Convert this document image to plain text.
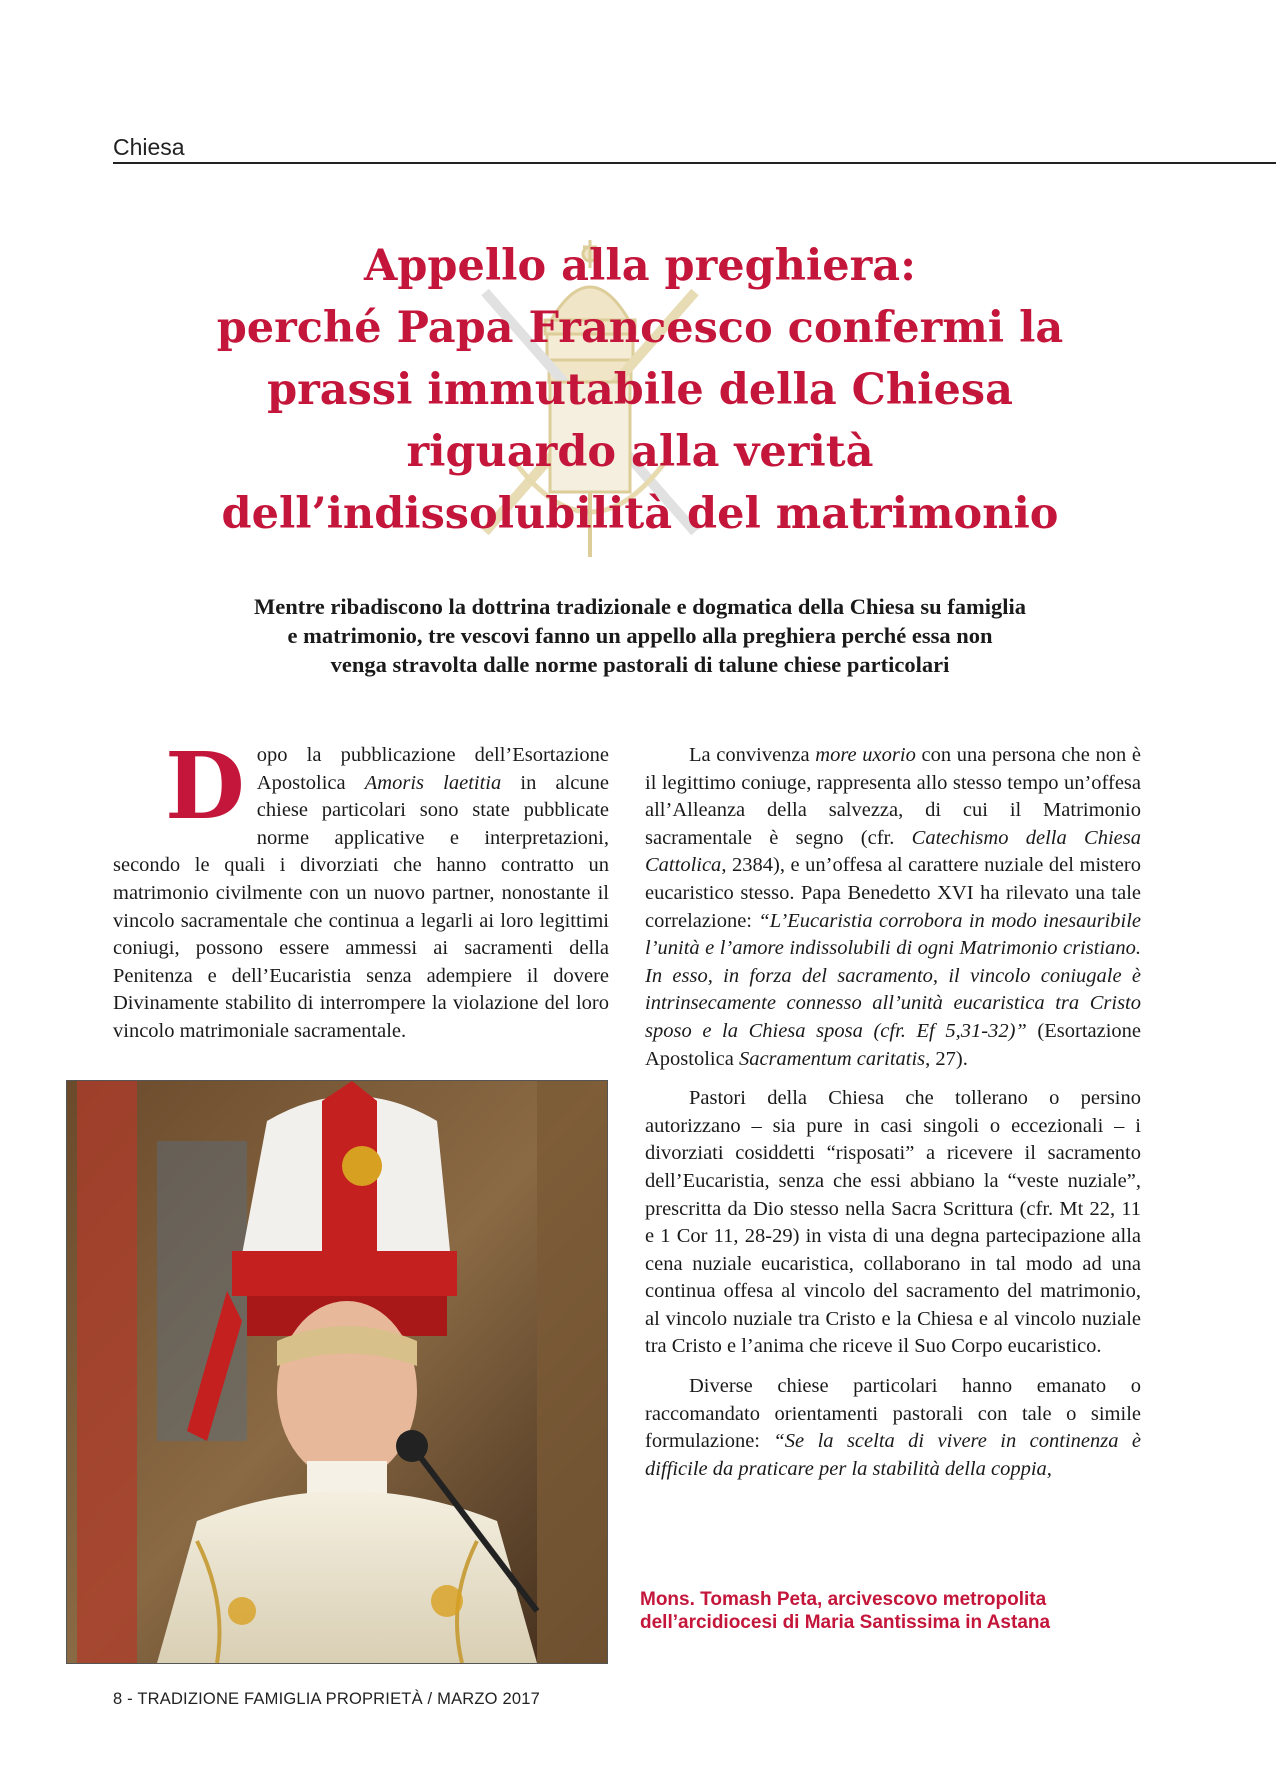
Chiesa
Appello alla preghiera:
perché Papa Francesco confermi la
prassi immutabile della Chiesa
riguardo alla verità
dell’indissolubilità del matrimonio
Mentre ribadiscono la dottrina tradizionale e dogmatica della Chiesa su famiglia
e matrimonio, tre vescovi fanno un appello alla preghiera perché essa non
venga stravolta dalle norme pastorali di talune chiese particolari

Dopo la pubblicazione dell’Esortazione Apostolica Amoris laetitia in alcune chiese particolari sono state pubblicate norme applicative e interpretazioni, secondo le quali i divorziati che hanno contratto un matrimonio civilmente con un nuovo partner, nonostante il vincolo sacramentale che continua a legarli ai loro legittimi coniugi, possono essere ammessi ai sacramenti della Penitenza e dell’Eucaristia senza adempiere il dovere Divinamente stabilito di interrompere la violazione del loro vincolo matrimoniale sacramentale.

La convivenza more uxorio con una persona che non è il legittimo coniuge, rappresenta allo stesso tempo un’offesa all’Alleanza della salvezza, di cui il Matrimonio sacramentale è segno (cfr. Catechismo della Chiesa Cattolica, 2384), e un’offesa al carattere nuziale del mistero eucaristico stesso. Papa Benedetto XVI ha rilevato una tale correlazione: “L’Eucaristia corrobora in modo inesauribile l’unità e l’amore indissolubili di ogni Matrimonio cristiano. In esso, in forza del sacramento, il vincolo coniugale è intrinsecamente connesso all’unità eucaristica tra Cristo sposo e la Chiesa sposa (cfr. Ef 5,31-32)” (Esortazione Apostolica Sacramentum caritatis, 27).

Pastori della Chiesa che tollerano o persino autorizzano – sia pure in casi singoli o eccezionali – i divorziati cosiddetti “risposati” a ricevere il sacramento dell’Eucaristia, senza che essi abbiano la “veste nuziale”, prescritta da Dio stesso nella Sacra Scrittura (cfr. Mt 22, 11 e 1 Cor 11, 28-29) in vista di una degna partecipazione alla cena nuziale eucaristica, collaborano in tal modo ad una continua offesa al vincolo del sacramento del matrimonio, al vincolo nuziale tra Cristo e la Chiesa e al vincolo nuziale tra Cristo e l’anima che riceve il Suo Corpo eucaristico.

Diverse chiese particolari hanno emanato o raccomandato orientamenti pastorali con tale o simile formulazione: “Se la scelta di vivere in continenza è difficile da praticare per la stabilità della coppia,

Mons. Tomash Peta, arcivescovo metropolita
dell’arcidiocesi di Maria Santissima in Astana
8 - TRADIZIONE FAMIGLIA PROPRIETÀ / MARZO 2017
